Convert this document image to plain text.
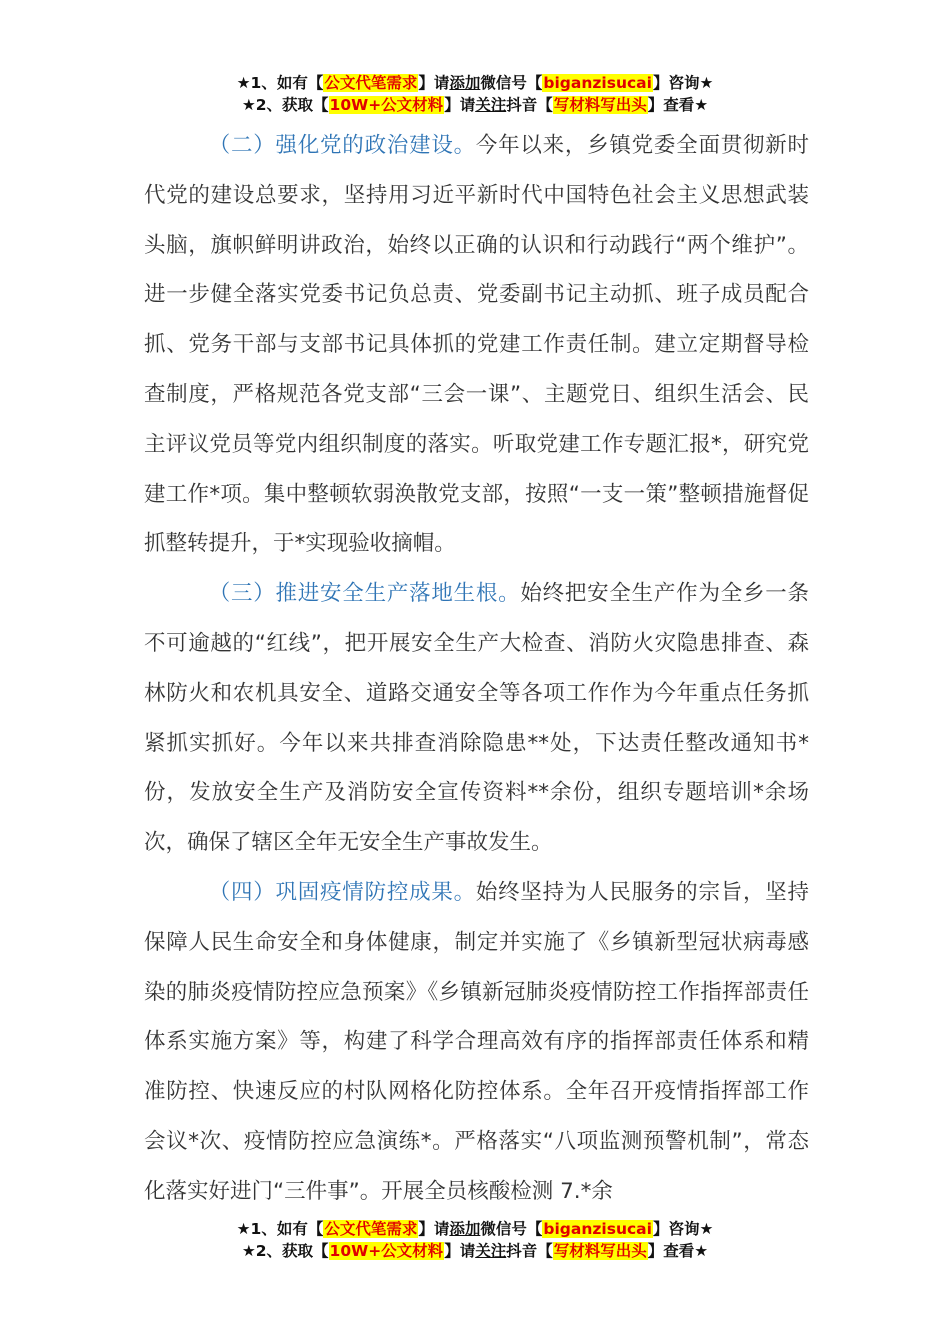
★1、如有【公文代笔需求】请添加微信号【biganzisucai】咨询★
★2、获取【10W+公文材料】请关注抖音【写材料写出头】查看★

（二）强化党的政治建设。今年以来，乡镇党委全面贯彻新时代党的建设总要求，坚持用习近平新时代中国特色社会主义思想武装头脑，旗帜鲜明讲政治，始终以正确的认识和行动践行“两个维护”。进一步健全落实党委书记负总责、党委副书记主动抓、班子成员配合抓、党务干部与支部书记具体抓的党建工作责任制。建立定期督导检查制度，严格规范各党支部“三会一课”、主题党日、组织生活会、民主评议党员等党内组织制度的落实。听取党建工作专题汇报*，研究党建工作*项。集中整顿软弱涣散党支部，按照“一支一策”整顿措施督促抓整转提升，于*实现验收摘帽。

（三）推进安全生产落地生根。始终把安全生产作为全乡一条不可逾越的“红线”，把开展安全生产大检查、消防火灾隐患排查、森林防火和农机具安全、道路交通安全等各项工作作为今年重点任务抓紧抓实抓好。今年以来共排查消除隐患**处，下达责任整改通知书*份，发放安全生产及消防安全宣传资料**余份，组织专题培训*余场次，确保了辖区全年无安全生产事故发生。

（四）巩固疫情防控成果。始终坚持为人民服务的宗旨，坚持保障人民生命安全和身体健康，制定并实施了《乡镇新型冠状病毒感染的肺炎疫情防控应急预案》《乡镇新冠肺炎疫情防控工作指挥部责任体系实施方案》等，构建了科学合理高效有序的指挥部责任体系和精准防控、快速反应的村队网格化防控体系。全年召开疫情指挥部工作会议*次、疫情防控应急演练*。严格落实“八项监测预警机制”，常态化落实好进门“三件事”。开展全员核酸检测 7.*余

★1、如有【公文代笔需求】请添加微信号【biganzisucai】咨询★
★2、获取【10W+公文材料】请关注抖音【写材料写出头】查看★
